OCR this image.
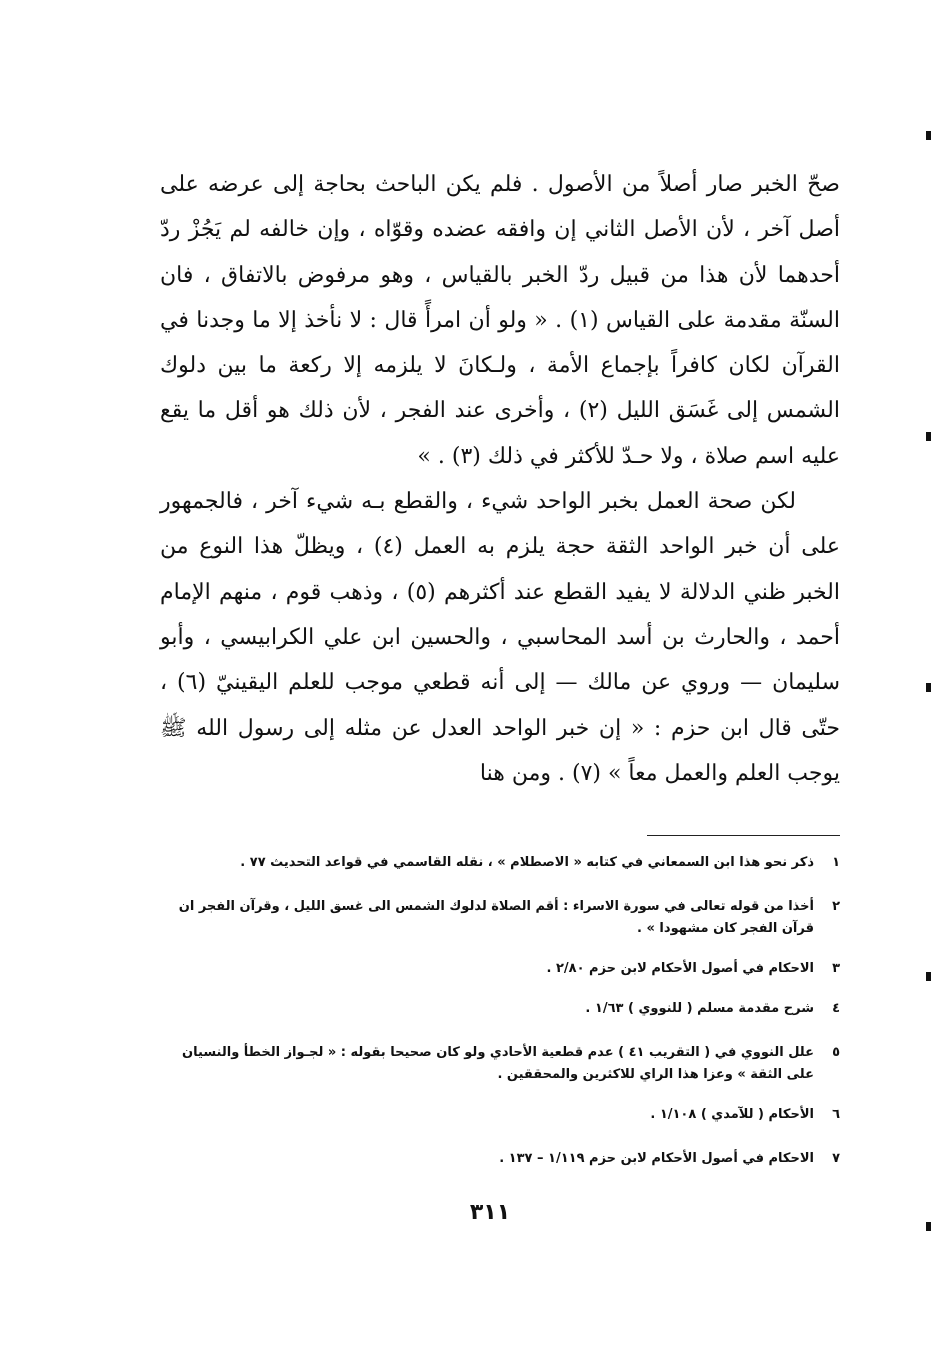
صحّ الخبر صار أصلاً من الأصول . فلم يكن الباحث بحاجة إلى عرضه على أصل آخر ، لأن الأصل الثاني إن وافقه عضده وقوّاه ، وإن خالفه لم يَجُزْ ردّ أحدهما لأن هذا من قبيل ردّ الخبر بالقياس ، وهو مرفوض بالاتفاق ، فان السنّة مقدمة على القياس (١) . « ولو أن امرأً قال : لا نأخذ إلا ما وجدنا في القرآن لكان كافراً بإجماع الأمة ، ولـكانَ لا يلزمه إلا ركعة ما بين دلوك الشمس إلى غَسَق الليل (٢) ، وأخرى عند الفجر ، لأن ذلك هو أقل ما يقع عليه اسم صلاة ، ولا حـدّ للأكثر في ذلك (٣) . »

لكن صحة العمل بخبر الواحد شيء ، والقطع بـه شيء آخر ، فالجمهور على أن خبر الواحد الثقة حجة يلزم به العمل (٤) ، ويظلّ هذا النوع من الخبر ظني الدلالة لا يفيد القطع عند أكثرهم (٥) ، وذهب قوم ، منهم الإمام أحمد ، والحارث بن أسد المحاسبي ، والحسين ابن علي الكرابيسي ، وأبو سليمان — وروي عن مالك — إلى أنه قطعي موجب للعلم اليقينيّ (٦) ، حتّى قال ابن حزم : « إن خبر الواحد العدل عن مثله إلى رسول الله ﷺ يوجب العلم والعمل معاً » (٧) . ومن هنا

١
ذكر نحو هذا ابن السمعاني في كتابه « الاصطلام » ، نقله القاسمي في قواعد التحديث ٧٧ .
٢
أخذا من قوله تعالى في سورة الاسراء : أقم الصلاة لدلوك الشمس الى غسق الليل ، وقرآن الفجر ان قرآن الفجر كان مشهودا » .
٣
الاحكام في أصول الأحكام لابن حزم ٢/٨٠ .
٤
شرح مقدمة مسلم ( للنووي ) ١/٦٣ .
٥
علل النووي في ( التقريب ٤١ ) عدم قطعية الأحادي ولو كان صحيحا بقوله : « لجـواز الخطأ والنسيان على الثقة » وعزا هذا الراي للاكثرين والمحققين .
٦
الأحكام ( للآمدي ) ١/١٠٨ .
٧
الاحكام في أصول الأحكام لابن حزم ١/١١٩ – ١٣٧ .
٣١١
